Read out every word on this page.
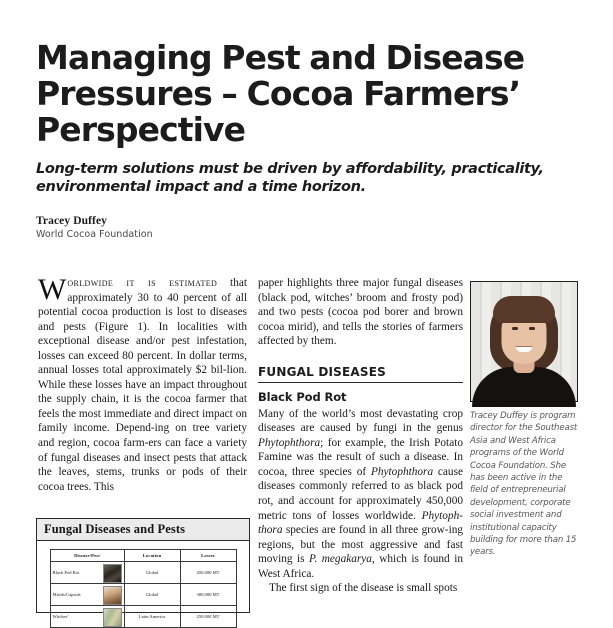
Managing Pest and Disease Pressures – Cocoa Farmers’ Perspective

Long-term solutions must be driven by affordability, practicality, environmental impact and a time horizon.

Tracey Duffey

World Cocoa Foundation

Worldwide it is estimated that approximately 30 to 40 percent of all potential cocoa production is lost to diseases and pests (Figure 1). In localities with exceptional disease and/or pest infestation, losses can exceed 80 percent. In dollar terms, annual losses total approximately $2 bil-lion. While these losses have an impact throughout the supply chain, it is the cocoa farmer that feels the most immediate and direct impact on family income. Depend-ing on tree variety and region, cocoa farm-ers can face a variety of fungal diseases and insect pests that attack the leaves, stems, trunks or pods of their cocoa trees. This

Fungal Diseases and Pests
Disease/Pest	Location	Losses
Black Pod Rot	Global	450,000 MT
Mirids/Capsids	Global	300,000 MT
Witches’	Latin America	250,000 MT

paper highlights three major fungal diseases (black pod, witches’ broom and frosty pod) and two pests (cocoa pod borer and brown cocoa mirid), and tells the stories of farmers affected by them.

FUNGAL DISEASES
Black Pod Rot

Many of the world’s most devastating crop diseases are caused by fungi in the genus Phytophthora; for example, the Irish Potato Famine was the result of such a disease. In cocoa, three species of Phytophthora cause diseases commonly referred to as black pod rot, and account for approximately 450,000 metric tons of losses worldwide. Phytoph-thora species are found in all three grow-ing regions, but the most aggressive and fast moving is P. megakarya, which is found in West Africa.

The first sign of the disease is small spots

Tracey Duffey is program director for the Southeast Asia and West Africa programs of the World Cocoa Foundation. She has been active in the field of entrepreneurial development, corporate social investment and institutional capacity building for more than 15 years.
